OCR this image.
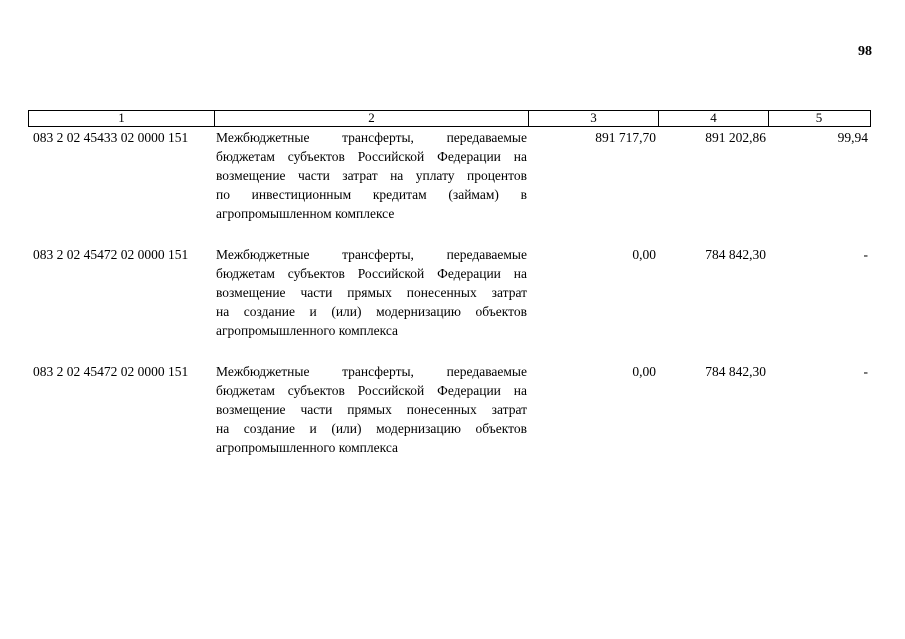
98
1	2	3	4	5
083 2 02 45433 02 0000 151 Межбюджетные трансферты, передаваемые
бюджетам субъектов Российской Федерации на
возмещение части затрат на уплату процентов
по инвестиционным кредитам (займам) в
агропромышленном комплексе
891 717,70	891 202,86	99,94
083 2 02 45472 02 0000 151 Межбюджетные трансферты, передаваемые
бюджетам субъектов Российской Федерации на
возмещение части прямых понесенных затрат
на создание и (или) модернизацию объектов
агропромышленного комплекса
0,00	784 842,30	-
083 2 02 45472 02 0000 151 Межбюджетные трансферты, передаваемые
бюджетам субъектов Российской Федерации на
возмещение части прямых понесенных затрат
на создание и (или) модернизацию объектов
агропромышленного комплекса
0,00	784 842,30	-
